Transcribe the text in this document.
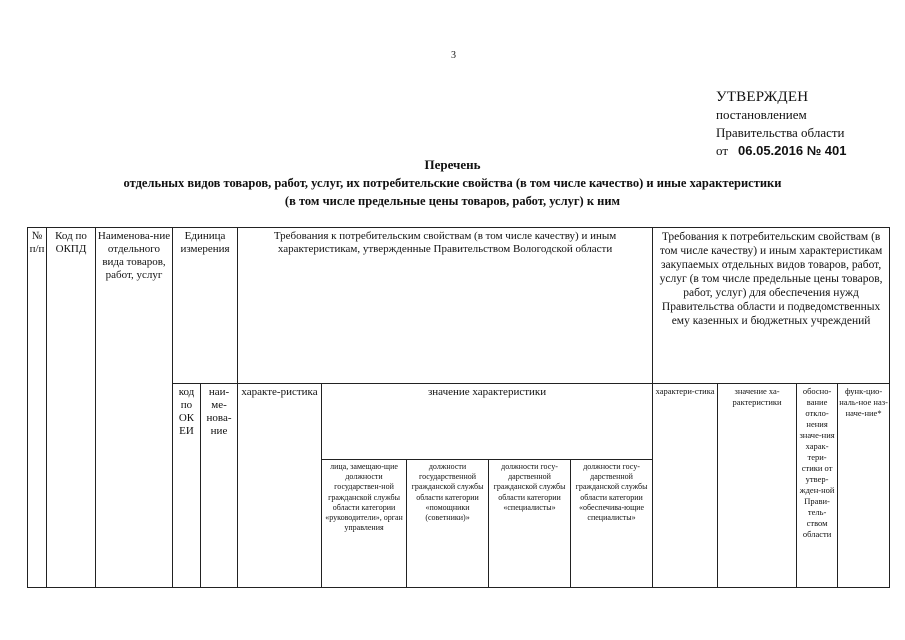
3
УТВЕРЖДЕН
постановлением
Правительства области
от 06.05.2016 № 401
Перечень
отдельных видов товаров, работ, услуг, их потребительские свойства (в том числе качество) и иные характеристики
(в том числе предельные цены товаров, работ, услуг) к ним
№ п/п	Код по ОКПД	Наименова-ние отдельного вида товаров, работ, услуг	Единица измерения		Требования к потребительским свойствам (в том числе качеству) и иным характеристикам, утвержденные Правительством Вологодской области					Требования к потребительским свойствам (в том числе качеству) и иным характеристикам закупаемых отдельных видов товаров, работ, услуг (в том числе предельные цены товаров, работ, услуг) для обеспечения нужд Правительства области и подведомственных ему казенных и бюджетных учреждений			
			код по ОК ЕИ	наи-ме-нова-ние	характе-ристика	значение характеристики				характери-стика	значение ха-рактеристики	обосно-вание откло-нения значе-ния харак-тери-стики от утвер-жден-ной Прави-тель-ством области	функ-цио-наль-ное наз-наче-ние*
						лица, замещаю-щие должности государствен-ной гражданской службы области категории «руководители», орган управления	должности государственной гражданской службы области категории «помощники (советники)»	должности госу-дарственной гражданской службы области категории «специалисты»	должности госу-дарственной гражданской службы области категории «обеспечива-ющие специалисты»				
